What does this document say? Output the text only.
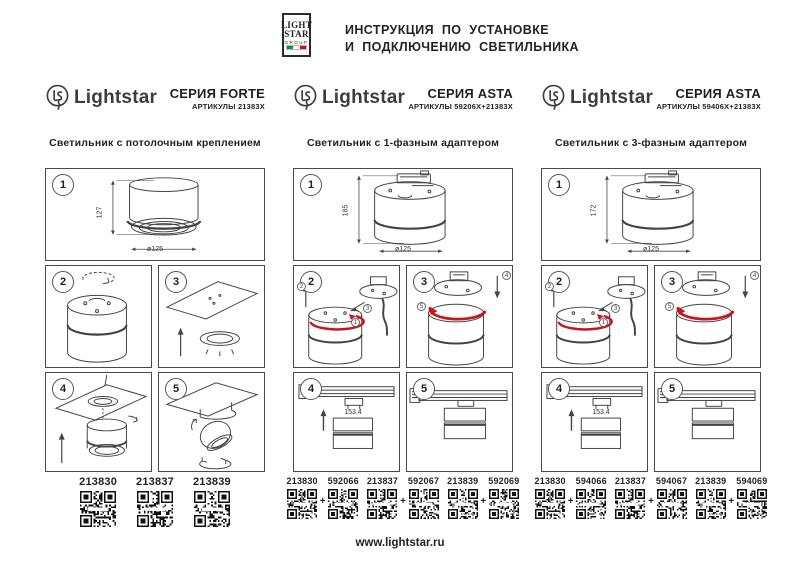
LIGHT
STAR
GROUP
ИНСТРУКЦИЯ ПО УСТАНОВКЕ
И ПОДКЛЮЧЕНИЮ СВЕТИЛЬНИКА
Lightstar СЕРИЯ FORTE
АРТИКУЛЫ 21383X
Светильник с потолочным креплением
1
127
ø125
2	3
4	5
213830 213837 213839
Lightstar	СЕРИЯ ASTA
АРТИКУЛЫ 59206X+21383X
Светильник с 1-фазным адаптером
1
185
ø125
2
2
1
3
3
4
5
4
153.4
5
213830
+
592066 213837
+
592067 213839
+
592069
Lightstar	СЕРИЯ ASTA
АРТИКУЛЫ 59406X+21383X
Светильник с 3-фазным адаптером
1
172
ø125
2
2
1
3
3
4
5
4
153.4
5
213830
+
594066 213837
+
594067 213839
+
594069
www.lightstar.ru
